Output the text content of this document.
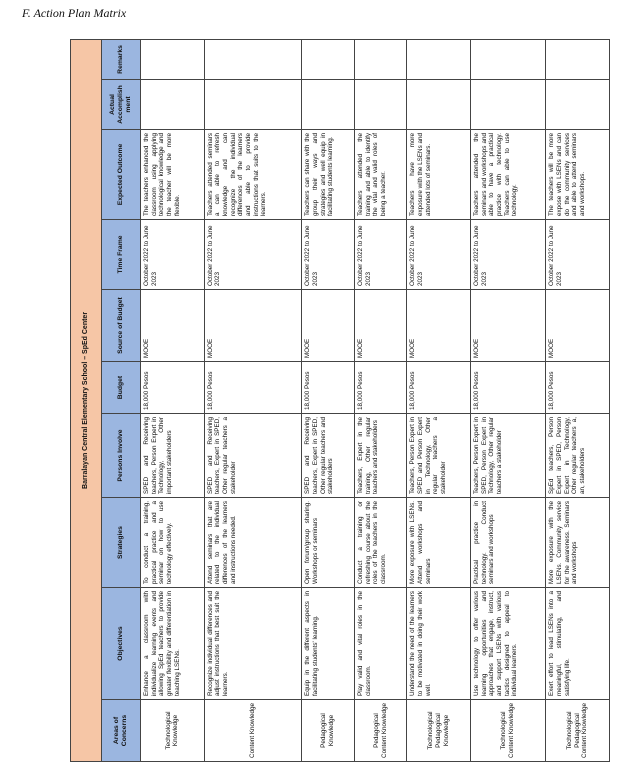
F. Action Plan Matrix
Barralayan Central Elementary School – SpEd Center									
Areas of Concerns	Objectives	Strategies	Persons Involve	Budget	Source of Budget	Time Frame	Expected Outcome	Actual Accomplishment	Remarks
Technological Knowledge	Enhance a classroom with individualize learning events and allowing SpEd teachers to provide greater flexibility and differentiation in teaching LSENs.	To conduct a training, practical practice and a seminar on how to use technology effectively.	SPED and Receiving teachers, Person Expert in Technology, Other important stakeholders	18,000 Pesos	MOOE	October 2022 to June 2023	The teachers enhanced the classroom using applying technological knowledge and the teacher will be more flexible.		
Content Knowledge	Recognize individual differences and adjust instructions that best suit the learners.	Attend seminars that are related to the individual differences of the learners and instructions needed.	SPED and Receiving teachers, Expert in SPED, Other regular teachers a stakeholder	18,000 Pesos	MOOE	October 2022 to June 2023	Teachers attended seminars a can able to refresh knowledge and can recognize the individual differences of the learners and able to provide instructions that suits to the learners.		
Pedagogical Knowledge	Equip in the different aspects in facilitating students' learning.	Open forum/group sharing. Workshops or seminars	SPED and Receiving teachers, Expert in SPED, Other regular teachers and stakeholders	18,000 Pesos	MOOE	October 2022 to June 2023	Teachers can share with the group their ways and strategies and well equip in facilitating students learning.		
Pedagogical Content Knowledge	Play valid and vital roles in the classroom.	Conduct a training or refreshing course about the roles of the teachers in the classroom.	Teachers, Expert in the training, Other regular teachers and stakeholders	18,000 Pesos	MOOE	October 2022 to June 2023	Teachers attended the training and able to identify the vital and valid roles of being a teacher.		
Technological Pedagogical Knowledge	Understand the need of the learners to be motivated in doing their work well.	More exposure with LSENs. Attend workshops and seminars	Teachers, Person Expert in SPED and Person Expert in Technology, Other regular teachers a stakeholder	18,000 Pesos	MOOE	October 2022 to June 2023	Teachers have more exposure with the LSENs and attended lots of seminars.		
Technological Content Knowledge	Use technology to offer various learning opportunities and approaches that engage, instruct, and support LSENs with various tactics designed to appeal to individual learners.	Practical practice in technology. Conduct seminars and workshops	Teachers, Person Expert in SPED, Person Expert in Technology, Other regular teachers a stakeholder	18,000 Pesos	MOOE	October 2022 to June 2023	Teachers attended the seminars and workshops and able to have a practical practice with technology. Teachers can able to use technology.		
Technological Pedagogical Content Knowledge	Exert effort to lead LSENs into a meaningful, stimulating, and satisfying life.	More exposure with the LSENs. Community service for the awareness. Seminars and workshops	SpEd teachers, Person Expert in SPED, Person Expert in Technology, Other regular teachers a, an, stakeholders	18,000 Pesos	MOOE	October 2022 to June 2023	The teachers will be more expose with LSENs and can do the community services and able to attend seminars and workshops.		
